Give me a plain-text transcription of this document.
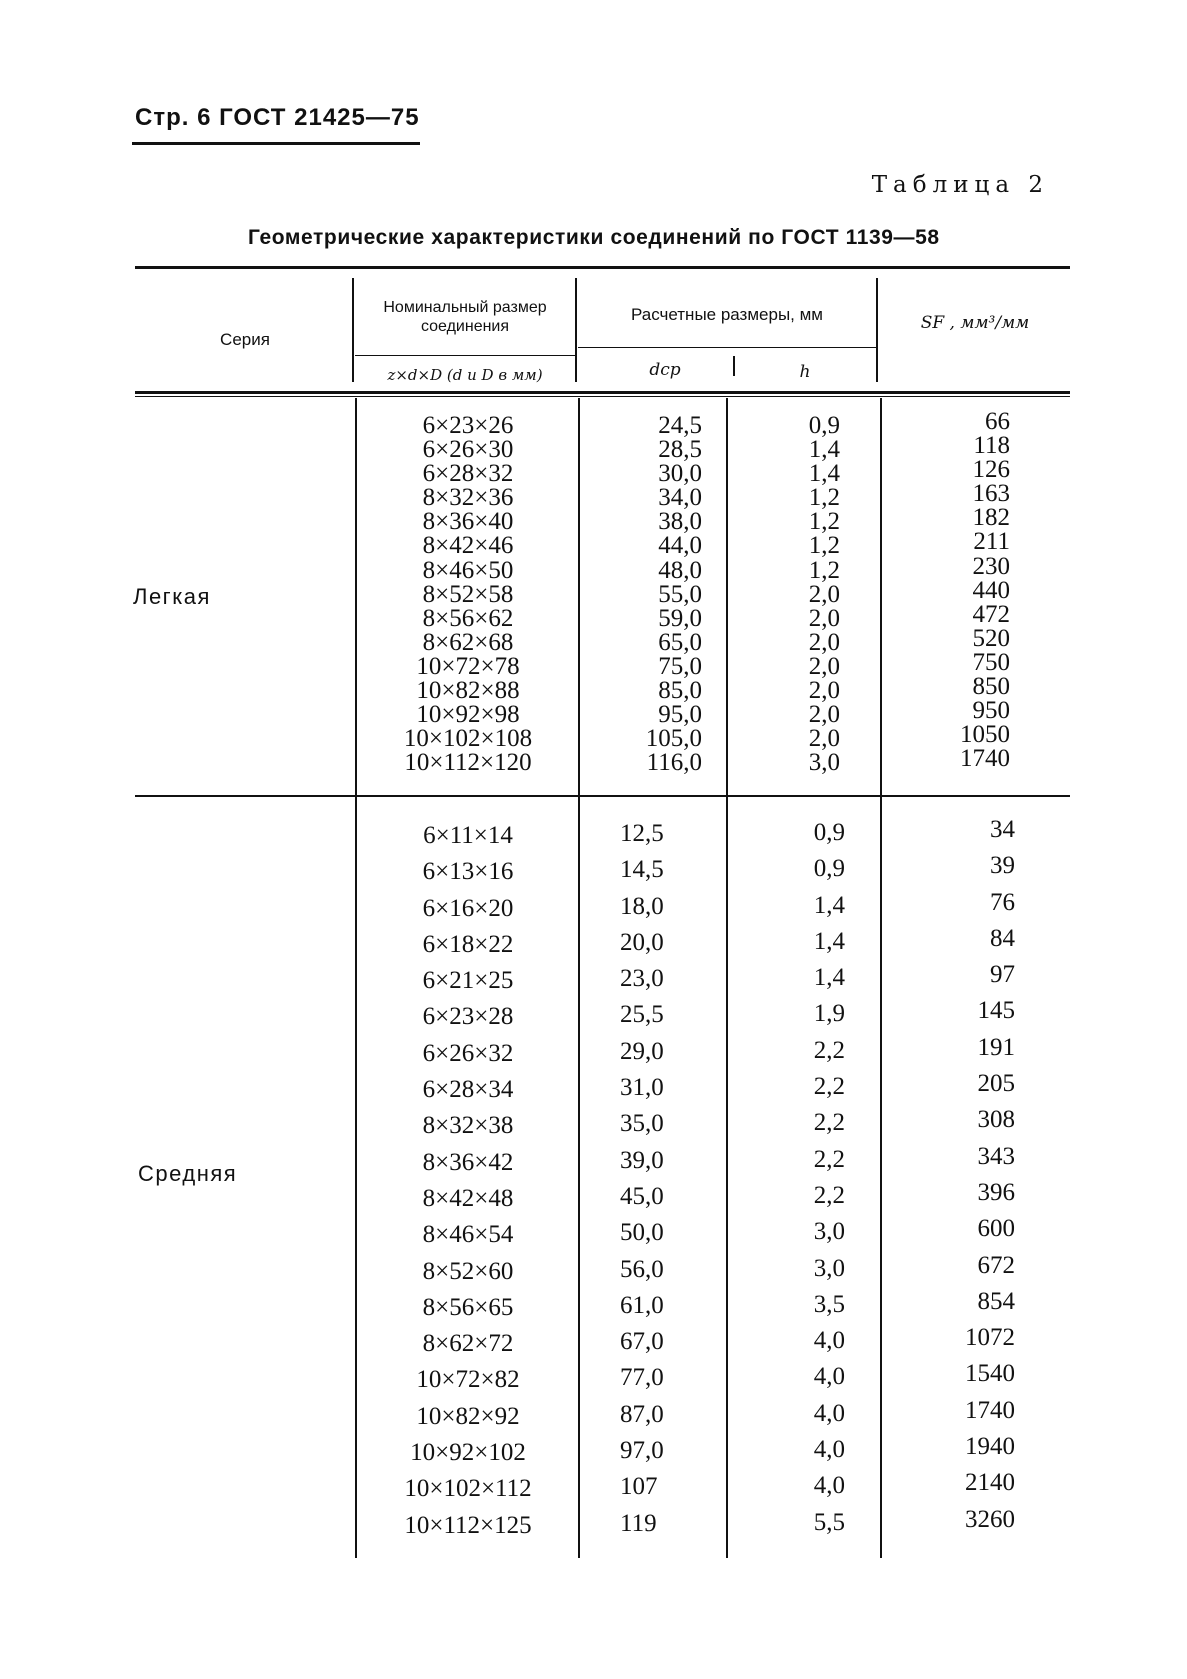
Стр. 6 ГОСТ 21425—75
Таблица 2
Геометрические характеристики соединений по ГОСТ 1139—58
Серия
Номинальный размер соединения
z×d×D (d и D в мм)
Расчетные размеры, мм
dср	h
SF , мм³/мм
Легкая
Средняя
6×23×26
6×26×30
6×28×32
8×32×36
8×36×40
8×42×46
8×46×50
8×52×58
8×56×62
8×62×68
10×72×78
10×82×88
10×92×98
10×102×108
10×112×120
24,5
28,5
30,0
34,0
38,0
44,0
48,0
55,0
59,0
65,0
75,0
85,0
95,0
105,0
116,0
0,9
1,4
1,4
1,2
1,2
1,2
1,2
2,0
2,0
2,0
2,0
2,0
2,0
2,0
3,0
66
118
126
163
182
211
230
440
472
520
750
850
950
1050
1740
6×11×14
6×13×16
6×16×20
6×18×22
6×21×25
6×23×28
6×26×32
6×28×34
8×32×38
8×36×42
8×42×48
8×46×54
8×52×60
8×56×65
8×62×72
10×72×82
10×82×92
10×92×102
10×102×112
10×112×125
12,5
14,5
18,0
20,0
23,0
25,5
29,0
31,0
35,0
39,0
45,0
50,0
56,0
61,0
67,0
77,0
87,0
97,0
107
119
0,9
0,9
1,4
1,4
1,4
1,9
2,2
2,2
2,2
2,2
2,2
3,0
3,0
3,5
4,0
4,0
4,0
4,0
4,0
5,5
34
39
76
84
97
145
191
205
308
343
396
600
672
854
1072
1540
1740
1940
2140
3260
